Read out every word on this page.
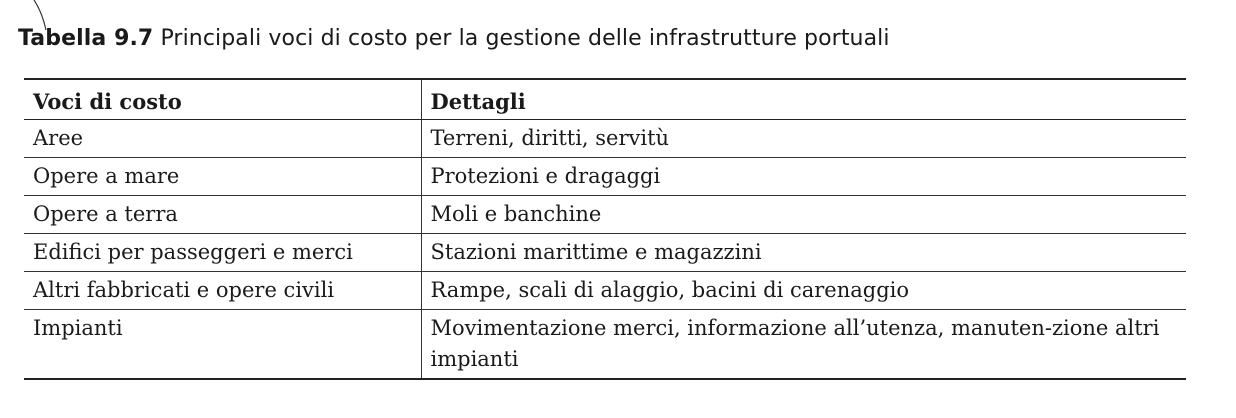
Tabella 9.7 Principali voci di costo per la gestione delle infrastrutture portuali
Voci di costo	Dettagli
Aree	Terreni, diritti, servitù
Opere a mare	Protezioni e dragaggi
Opere a terra	Moli e banchine
Edifici per passeggeri e merci	Stazioni marittime e magazzini
Altri fabbricati e opere civili	Rampe, scali di alaggio, bacini di carenaggio
Impianti	Movimentazione merci, informazione all’utenza, manuten-zione altri impianti
